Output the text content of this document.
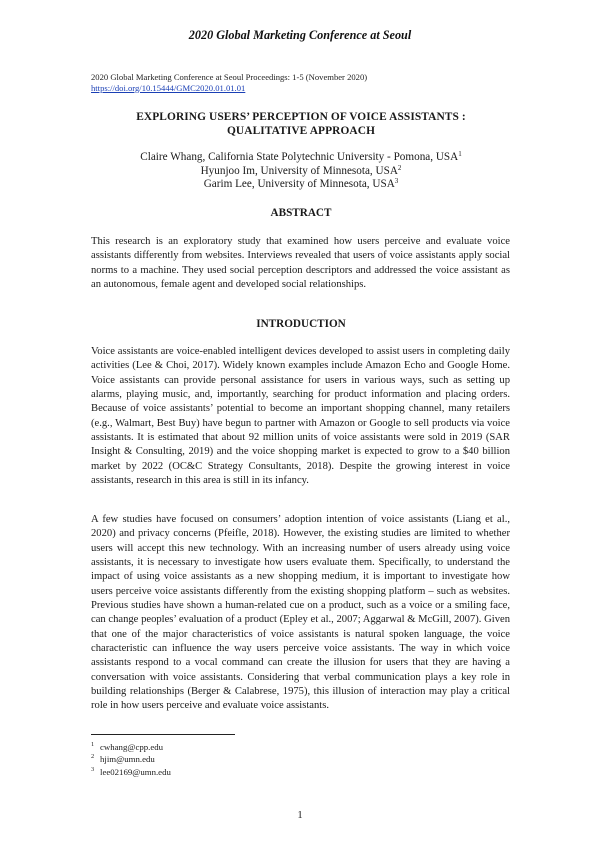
2020 Global Marketing Conference at Seoul
2020 Global Marketing Conference at Seoul Proceedings: 1-5 (November 2020)
https://doi.org/10.15444/GMC2020.01.01.01
EXPLORING USERS’ PERCEPTION OF VOICE ASSISTANTS :
QUALITATIVE APPROACH
Claire Whang, California State Polytechnic University - Pomona, USA$^1$
Hyunjoo Im, University of Minnesota, USA$^2$
Garim Lee, University of Minnesota, USA$^3$
ABSTRACT
This research is an exploratory study that examined how users perceive and evaluate voice assistants differently from websites. Interviews revealed that users of voice assistants apply social norms to a machine. They used social perception descriptors and addressed the voice assistant as an autonomous, female agent and developed social relationships.
INTRODUCTION
Voice assistants are voice-enabled intelligent devices developed to assist users in completing daily activities (Lee & Choi, 2017). Widely known examples include Amazon Echo and Google Home. Voice assistants can provide personal assistance for users in various ways, such as setting up alarms, playing music, and, importantly, searching for product information and placing orders. Because of voice assistants’ potential to become an important shopping channel, many retailers (e.g., Walmart, Best Buy) have begun to partner with Amazon or Google to sell products via voice assistants. It is estimated that about 92 million units of voice assistants were sold in 2019 (SAR Insight & Consulting, 2019) and the voice shopping market is expected to grow to a $40 billion market by 2022 (OC&C Strategy Consultants, 2018). Despite the growing interest in voice assistants, research in this area is still in its infancy.
A few studies have focused on consumers’ adoption intention of voice assistants (Liang et al., 2020) and privacy concerns (Pfeifle, 2018). However, the existing studies are limited to whether users will accept this new technology. With an increasing number of users already using voice assistants, it is necessary to investigate how users evaluate them. Specifically, to understand the impact of using voice assistants as a new shopping medium, it is important to investigate how users perceive voice assistants differently from the existing shopping platform – such as websites. Previous studies have shown a human-related cue on a product, such as a voice or a smiling face, can change peoples’ evaluation of a product (Epley et al., 2007; Aggarwal & McGill, 2007). Given that one of the major characteristics of voice assistants is natural spoken language, the voice characteristic can influence the way users perceive voice assistants. The way in which voice assistants respond to a vocal command can create the illusion for users that they are having a conversation with voice assistants. Considering that verbal communication plays a key role in building relationships (Berger & Calabrese, 1975), this illusion of interaction may play a critical role in how users perceive and evaluate voice assistants.
1 cwhang@cpp.edu
2 hjim@umn.edu
3 lee02169@umn.edu
1
